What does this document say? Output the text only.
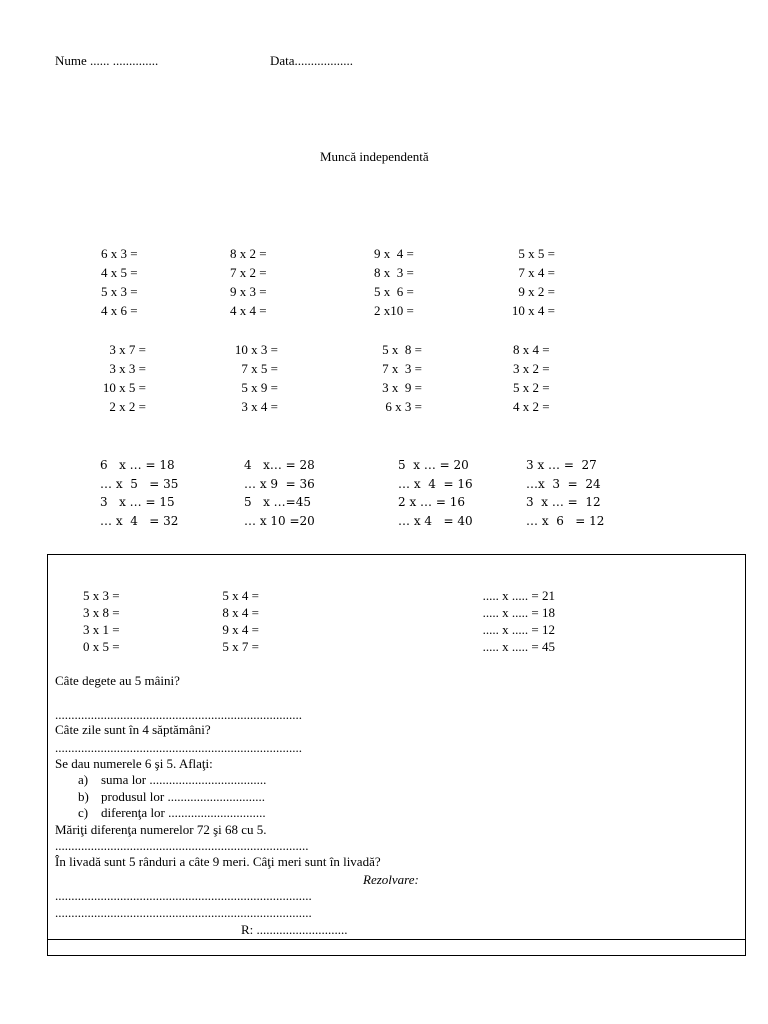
Nume ...... ..............	Data..................
Muncă independentă
6 x 3 =
4 x 5 =
5 x 3 =
4 x 6 =
8 x 2 =
7 x 2 =
9 x 3 =
4 x 4 =
9 x  4 =
8 x  3 =
5 x  6 =
2 x10 =
5 x 5 =
7 x 4 =
9 x 2 =
10 x 4 =
3 x 7 =
3 x 3 =
10 x 5 =
2 x 2 =
10 x 3 =
7 x 5 =
5 x 9 =
3 x 4 =
5 x  8 =
7 x  3 =
3 x  9 =
6 x 3 =
8 x 4 =
3 x 2 =
5 x 2 =
4 x 2 =
6   x … = 18
… x  5   = 35
3   x … = 15
… x  4   = 32
4   x… = 28
… x 9  = 36
5   x …=45
… x 10 =20
5  x … = 20
… x  4  = 16
2 x … = 16
… x 4   = 40
3 x … =  27
…x  3  =  24
3  x … =  12
… x  6   = 12
5 x 3 =
3 x 8 =
3 x 1 =
0 x 5 =
5 x 4 =
8 x 4 =
9 x 4 =
5 x 7 =
..... x ..... = 21
..... x ..... = 18
..... x ..... = 12
..... x ..... = 45
Câte degete au 5 mâini?
............................................................................
Câte zile sunt în 4 săptămâni?
............................................................................
Se dau numerele 6 şi 5. Aflaţi:
a) suma lor ....................................
b) produsul lor ..............................
c) diferenţa lor ..............................
Măriţi diferenţa numerelor 72 şi 68 cu 5.
..............................................................................
În livadă sunt 5 rânduri a câte 9 meri. Câţi meri sunt în livadă?
Rezolvare:
...............................................................................
...............................................................................
R: ............................
